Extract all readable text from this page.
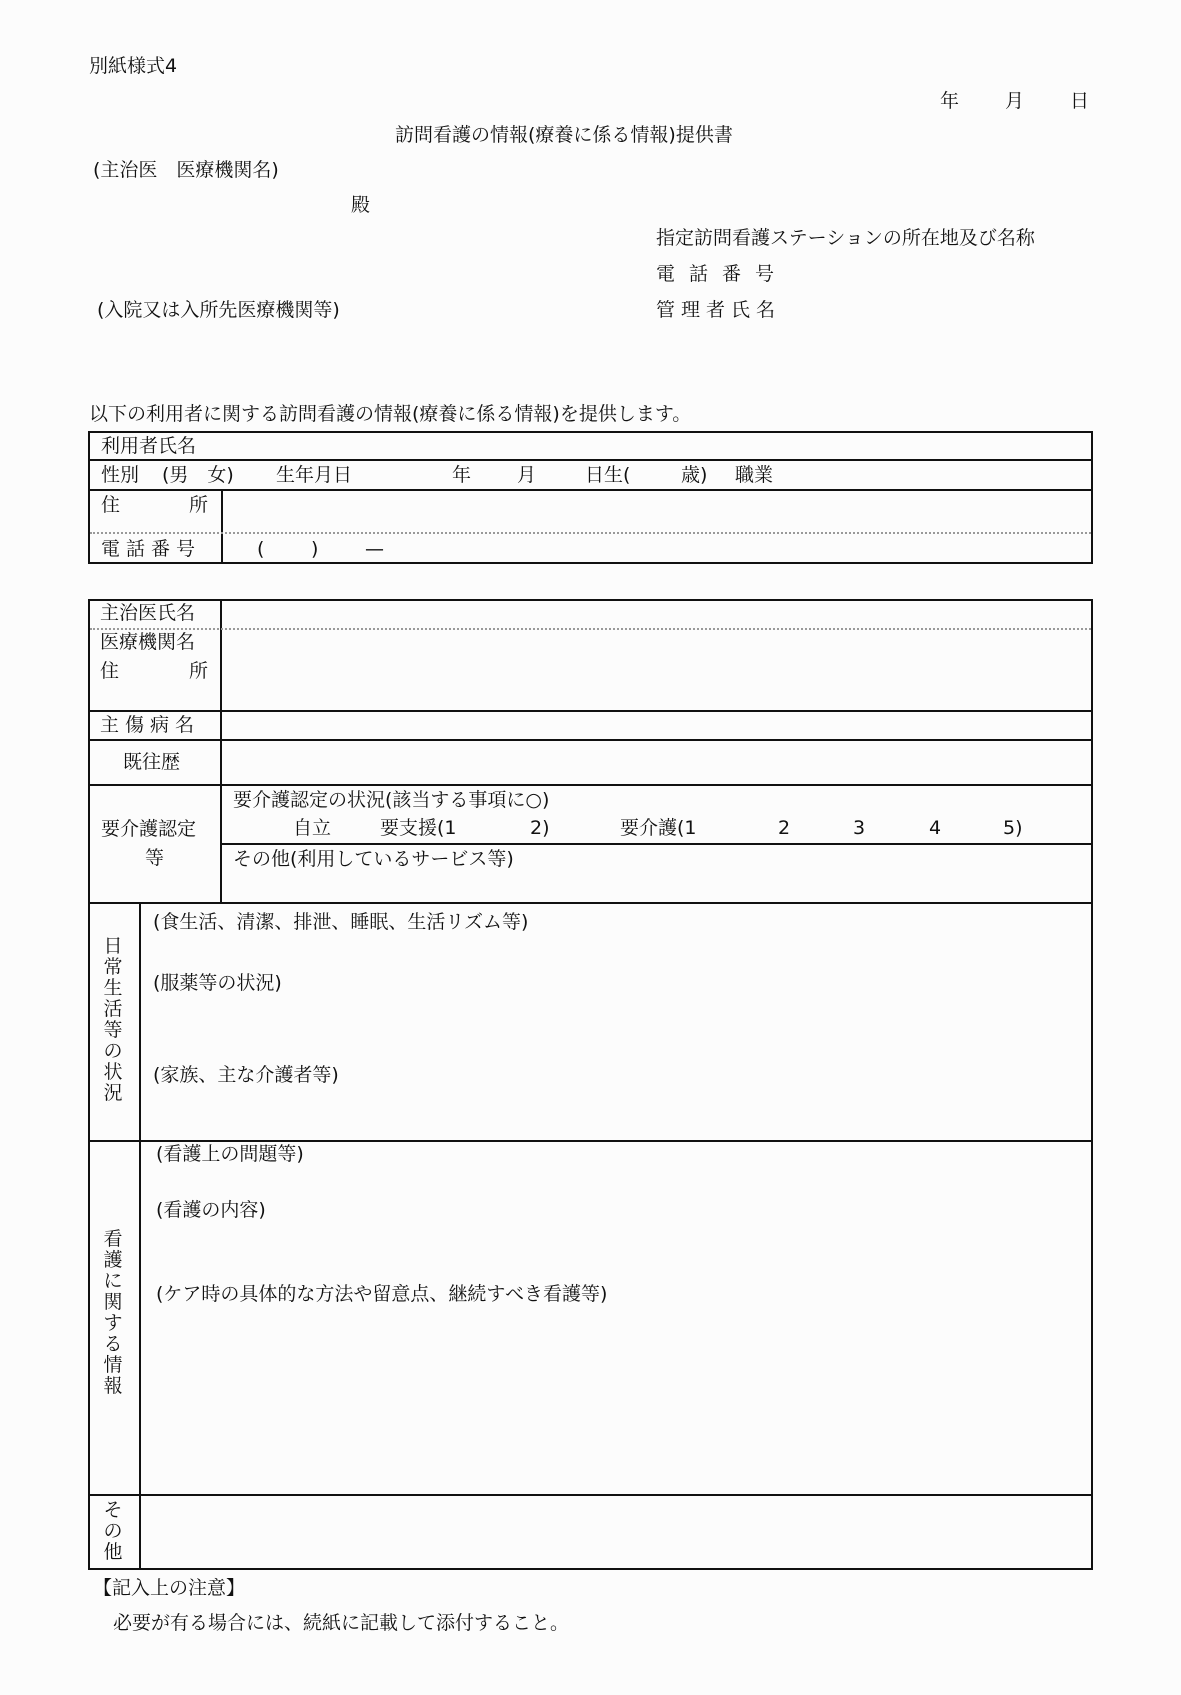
別紙様式4
年 月 日
訪問看護の情報(療養に係る情報)提供書
(主治医　医療機関名)
殿
指定訪問看護ステーションの所在地及び名称
電話番号
管理者氏名
(入院又は入所先医療機関等)
以下の利用者に関する訪問看護の情報(療養に係る情報)を提供します。
利用者氏名
性別 (男　女) 生年月日	年 月	日生(	歳) 職業
住	所
電話番号	( ) —
主治医氏名
医療機関名
住	所
主傷病名
既往歴
要介護認定
等
要介護認定の状況(該当する事項に○)
自立	要支援(1	2)	要介護(1	2	3	4	5)
その他(利用しているサービス等)
日常生活等の状況
(食生活、清潔、排泄、睡眠、生活リズム等)
(服薬等の状況)
(家族、主な介護者等)
看護に関する情報
(看護上の問題等)
(看護の内容)
(ケア時の具体的な方法や留意点、継続すべき看護等)
その他
【記入上の注意】
必要が有る場合には、続紙に記載して添付すること。
